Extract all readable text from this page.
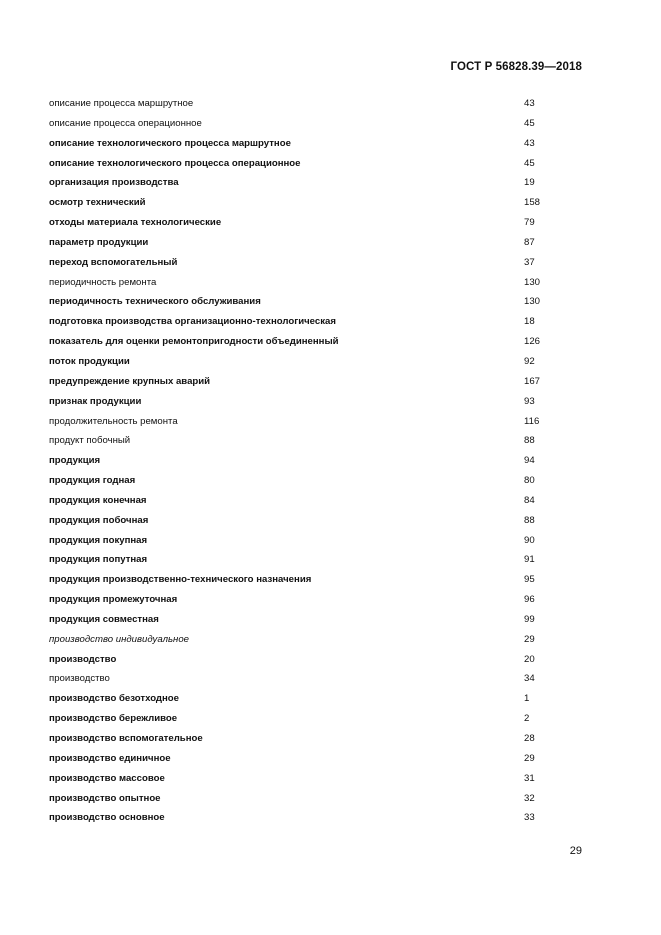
ГОСТ Р 56828.39—2018
описание процесса маршрутное	43
описание процесса операционное	45
описание технологического процесса маршрутное	43
описание технологического процесса операционное	45
организация производства	19
осмотр технический	158
отходы материала технологические	79
параметр продукции	87
переход вспомогательный	37
периодичность ремонта	130
периодичность технического обслуживания	130
подготовка производства организационно-технологическая	18
показатель для оценки ремонтопригодности объединенный	126
поток продукции	92
предупреждение крупных аварий	167
признак продукции	93
продолжительность ремонта	116
продукт побочный	88
продукция	94
продукция годная	80
продукция конечная	84
продукция побочная	88
продукция покупная	90
продукция попутная	91
продукция производственно-технического назначения	95
продукция промежуточная	96
продукция совместная	99
производство индивидуальное	29
производство	20
производство	34
производство безотходное	1
производство бережливое	2
производство вспомогательное	28
производство единичное	29
производство массовое	31
производство опытное	32
производство основное	33
29
